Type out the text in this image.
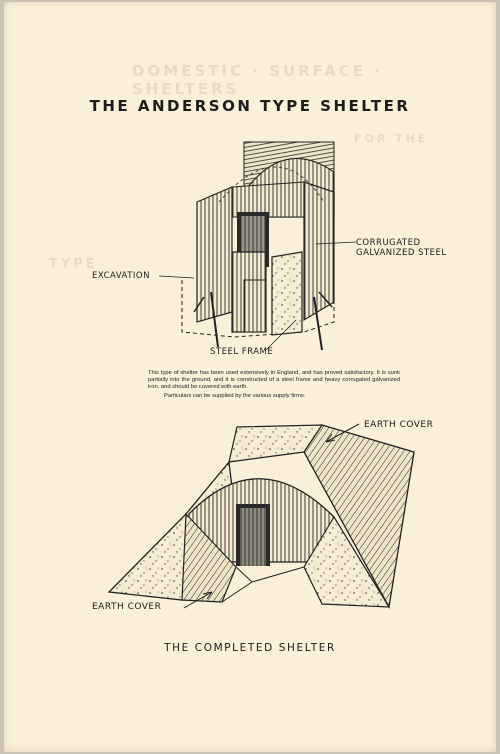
DOMESTIC · SURFACE · SHELTERS
FOR THE
TYPE
THE ANDERSON TYPE SHELTER
CORRUGATED
GALVANIZED STEEL
EXCAVATION
STEEL FRAME
This type of shelter has been used extensively in England, and has proved satisfactory. It is sunk partially into the ground, and it is constructed of a steel frame and heavy corrugated galvanized iron, and should be covered with earth.
Particulars can be supplied by the various supply firms.
EARTH COVER
EARTH COVER
THE COMPLETED SHELTER
